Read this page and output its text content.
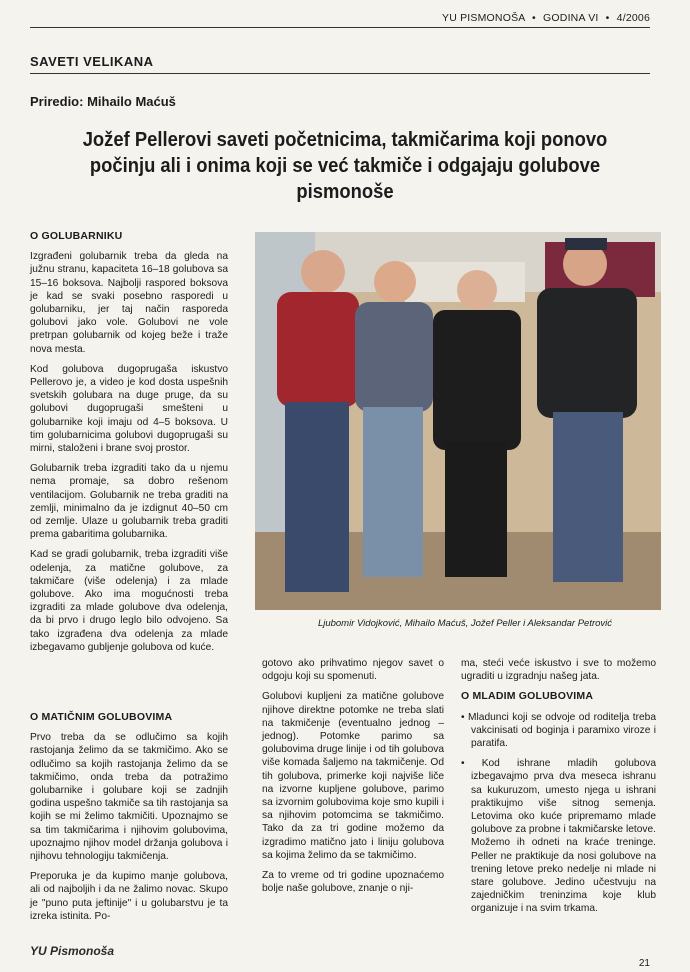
YU PISMONOŠA • GODINA VI • 4/2006
SAVETI VELIKANA
Priredio: Mihailo Maćuš
Jožef Pellerovi saveti početnicima, takmičarima koji ponovo počinju ali i onima koji se već takmiče i odgajaju golubove pismonoše
O GOLUBARNIKU

Izgrađeni golubarnik treba da gleda na južnu stranu, kapaciteta 16–18 golubova sa 15–16 boksova. Najbolji raspored boksova je kad se svaki posebno rasporedi u golubarniku, jer taj način rasporeda golubovi jako vole. Golubovi ne vole pretrpan golubarnik od kojeg beže i traže nova mesta.

Kod golubova dugoprugaša iskustvo Pellerovo je, a video je kod dosta uspešnih svetskih golubara na duge pruge, da su golubovi dugoprugaši smešteni u golubarnike koji imaju od 4–5 boksova. U tim golubarnicima golubovi dugoprugaši su mirni, staloženi i brane svoj prostor.

Golubarnik treba izgraditi tako da u njemu nema promaje, sa dobro rešenom ventilacijom. Golubarnik ne treba graditi na zemlji, minimalno da je izdignut 40–50 cm od zemlje. Ulaze u golubarnik treba graditi prema gabaritima golubarnika.

Kad se gradi golubarnik, treba izgraditi više odelenja, za matične golubove, za takmičare (više odelenja) i za mlade golubove. Ako ima mogućnosti treba izgraditi za mlade golubove dva odelenja, da bi prvo i drugo leglo bilo odvojeno. Sa tako izgrađena dva odelenja za mlade izbegavamo gubljenje golubova od kuće.

O MATIČNIM GOLUBOVIMA

Prvo treba da se odlučimo sa kojih rastojanja želimo da se takmičimo. Ako se odlučimo sa kojih rastojanja želimo da se takmičimo, onda treba da potražimo golubarnike i golubare koji se zadnjih godina uspešno takmiče sa tih rastojanja sa kojih se mi želimo takmičiti. Upoznajmo se sa tim takmičarima i njihovim golubovima, upoznajmo njihov model držanja golubova i njihovu tehnologiju takmičenja.

Preporuka je da kupimo manje golubova, ali od najboljih i da ne žalimo novac. Skupo je "puno puta jeftinije" i u golubarstvu je ta izreka istinita. Po-

Ljubomir Vidojković, Mihailo Maćuš, Jožef Peller i Aleksandar Petrović

gotovo ako prihvatimo njegov savet o odgoju koji su spomenuti.

Golubovi kupljeni za matične golubove njihove direktne potomke ne treba slati na takmičenje (eventualno jednog – jednog). Potomke parimo sa golubovima druge linije i od tih golubova više komada šaljemo na takmičenje. Od tih golubova, primerke koji najviše liče na izvorne kupljene golubove, parimo sa izvornim golubovima koje smo kupili i sa njihovim potomcima se takmičimo. Tako da za tri godine možemo da izgradimo matično jato i liniju golubova sa kojima želimo da se takmičimo.

Za to vreme od tri godine upoznaćemo bolje naše golubove, znanje o nji-

ma, steći veće iskustvo i sve to možemo ugraditi u izgradnju našeg jata.

O MLADIM GOLUBOVIMA

• Mladunci koji se odvoje od roditelja treba vakcinisati od boginja i paramixo viroze i paratifa.

• Kod ishrane mladih golubova izbegavajmo prva dva meseca ishranu sa kukuruzom, umesto njega u ishrani praktikujmo više sitnog semenja. Letovima oko kuće pripremamo mlade golubove za probne i takmičarske letove. Možemo ih odneti na kraće treninge. Peller ne praktikuje da nosi golubove na trening letove preko nedelje ni mlade ni stare golubove. Jedino učestvuju na zajedničkim treninzima koje klub organizuje i na svim trkama.

YU Pismonoša
21
